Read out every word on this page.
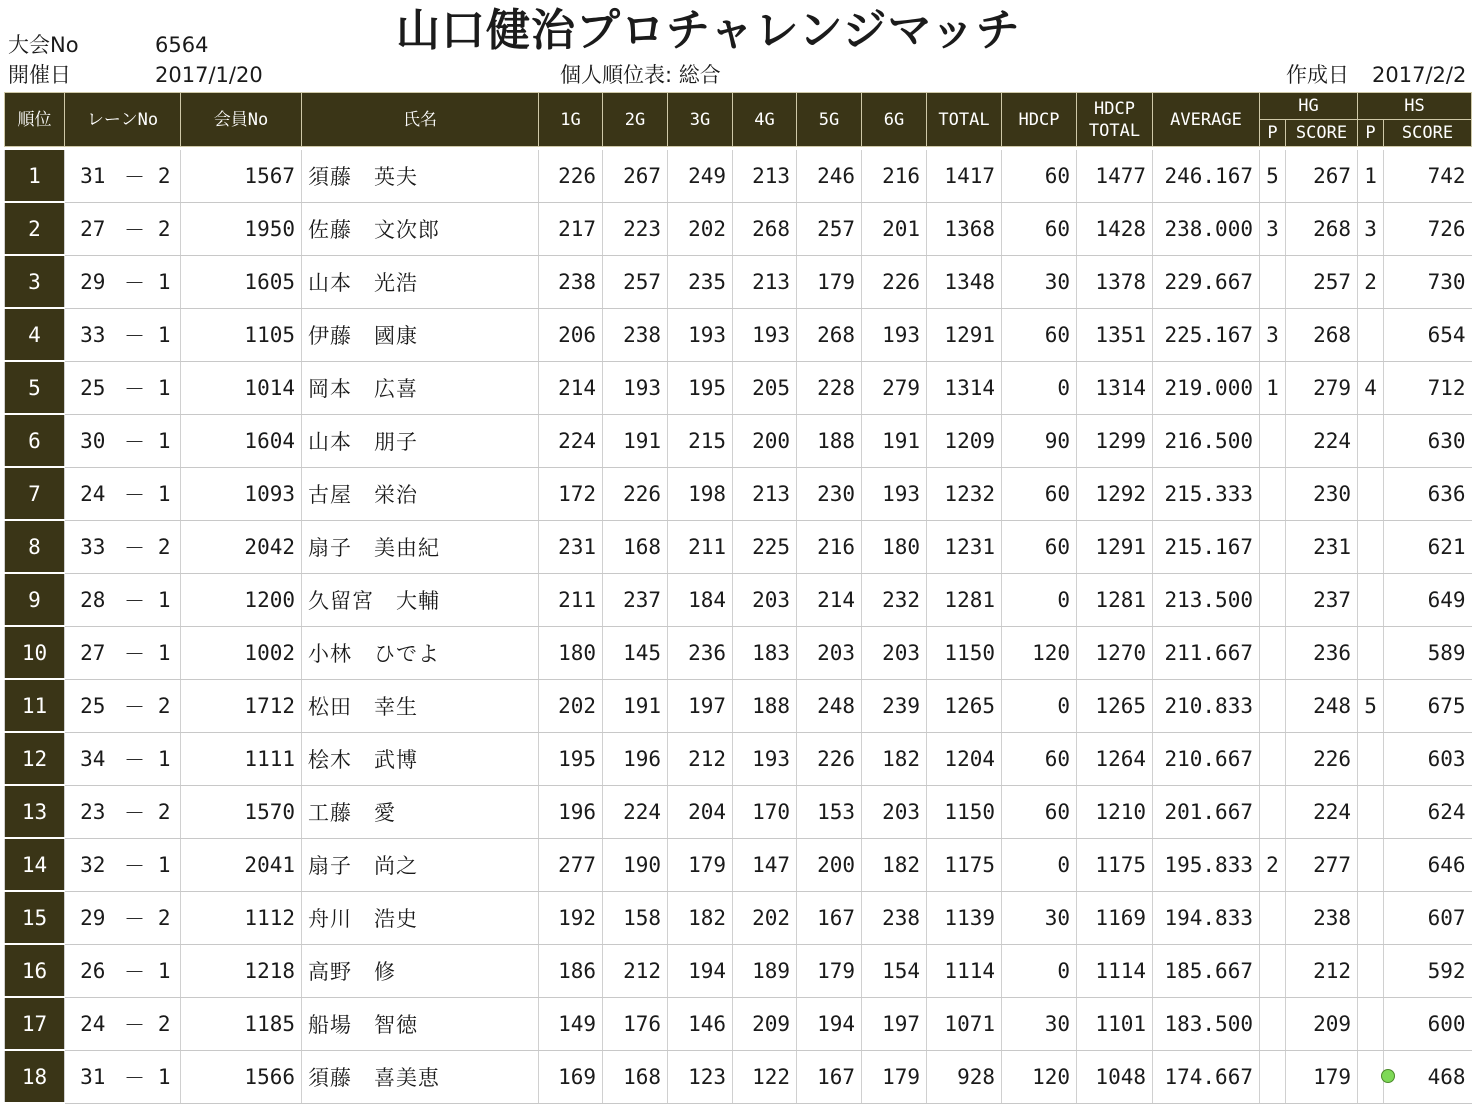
大会No	6564
開催日	2017/1/20
山口健治プロチャレンジマッチ
個人順位表: 総合	作成日 2017/2/2
順位	レーンNo			会員No	氏名	1G	2G	3G	4G	5G	6G	TOTAL	HDCP	HDCP
TOTAL	AVERAGE	HG		HS	
																P	SCORE	P	SCORE

1	31	－	2	1567	須藤　英夫	226	267	249	213	246	216	1417	60	1477	246.167	5	267	1	742
2	27	－	2	1950	佐藤　文次郎	217	223	202	268	257	201	1368	60	1428	238.000	3	268	3	726
3	29	－	1	1605	山本　光浩	238	257	235	213	179	226	1348	30	1378	229.667		257	2	730
4	33	－	1	1105	伊藤　國康	206	238	193	193	268	193	1291	60	1351	225.167	3	268		654
5	25	－	1	1014	岡本　広喜	214	193	195	205	228	279	1314	0	1314	219.000	1	279	4	712
6	30	－	1	1604	山本　朋子	224	191	215	200	188	191	1209	90	1299	216.500		224		630
7	24	－	1	1093	古屋　栄治	172	226	198	213	230	193	1232	60	1292	215.333		230		636
8	33	－	2	2042	扇子　美由紀	231	168	211	225	216	180	1231	60	1291	215.167		231		621
9	28	－	1	1200	久留宮　大輔	211	237	184	203	214	232	1281	0	1281	213.500		237		649
10	27	－	1	1002	小林　ひでよ	180	145	236	183	203	203	1150	120	1270	211.667		236		589
11	25	－	2	1712	松田　幸生	202	191	197	188	248	239	1265	0	1265	210.833		248	5	675
12	34	－	1	1111	桧木　武博	195	196	212	193	226	182	1204	60	1264	210.667		226		603
13	23	－	2	1570	工藤　愛	196	224	204	170	153	203	1150	60	1210	201.667		224		624
14	32	－	1	2041	扇子　尚之	277	190	179	147	200	182	1175	0	1175	195.833	2	277		646
15	29	－	2	1112	舟川　浩史	192	158	182	202	167	238	1139	30	1169	194.833		238		607
16	26	－	1	1218	高野　修	186	212	194	189	179	154	1114	0	1114	185.667		212		592
17	24	－	2	1185	船場　智徳	149	176	146	209	194	197	1071	30	1101	183.500		209		600
18	31	－	1	1566	須藤　喜美恵	169	168	123	122	167	179	928	120	1048	174.667		179		468
